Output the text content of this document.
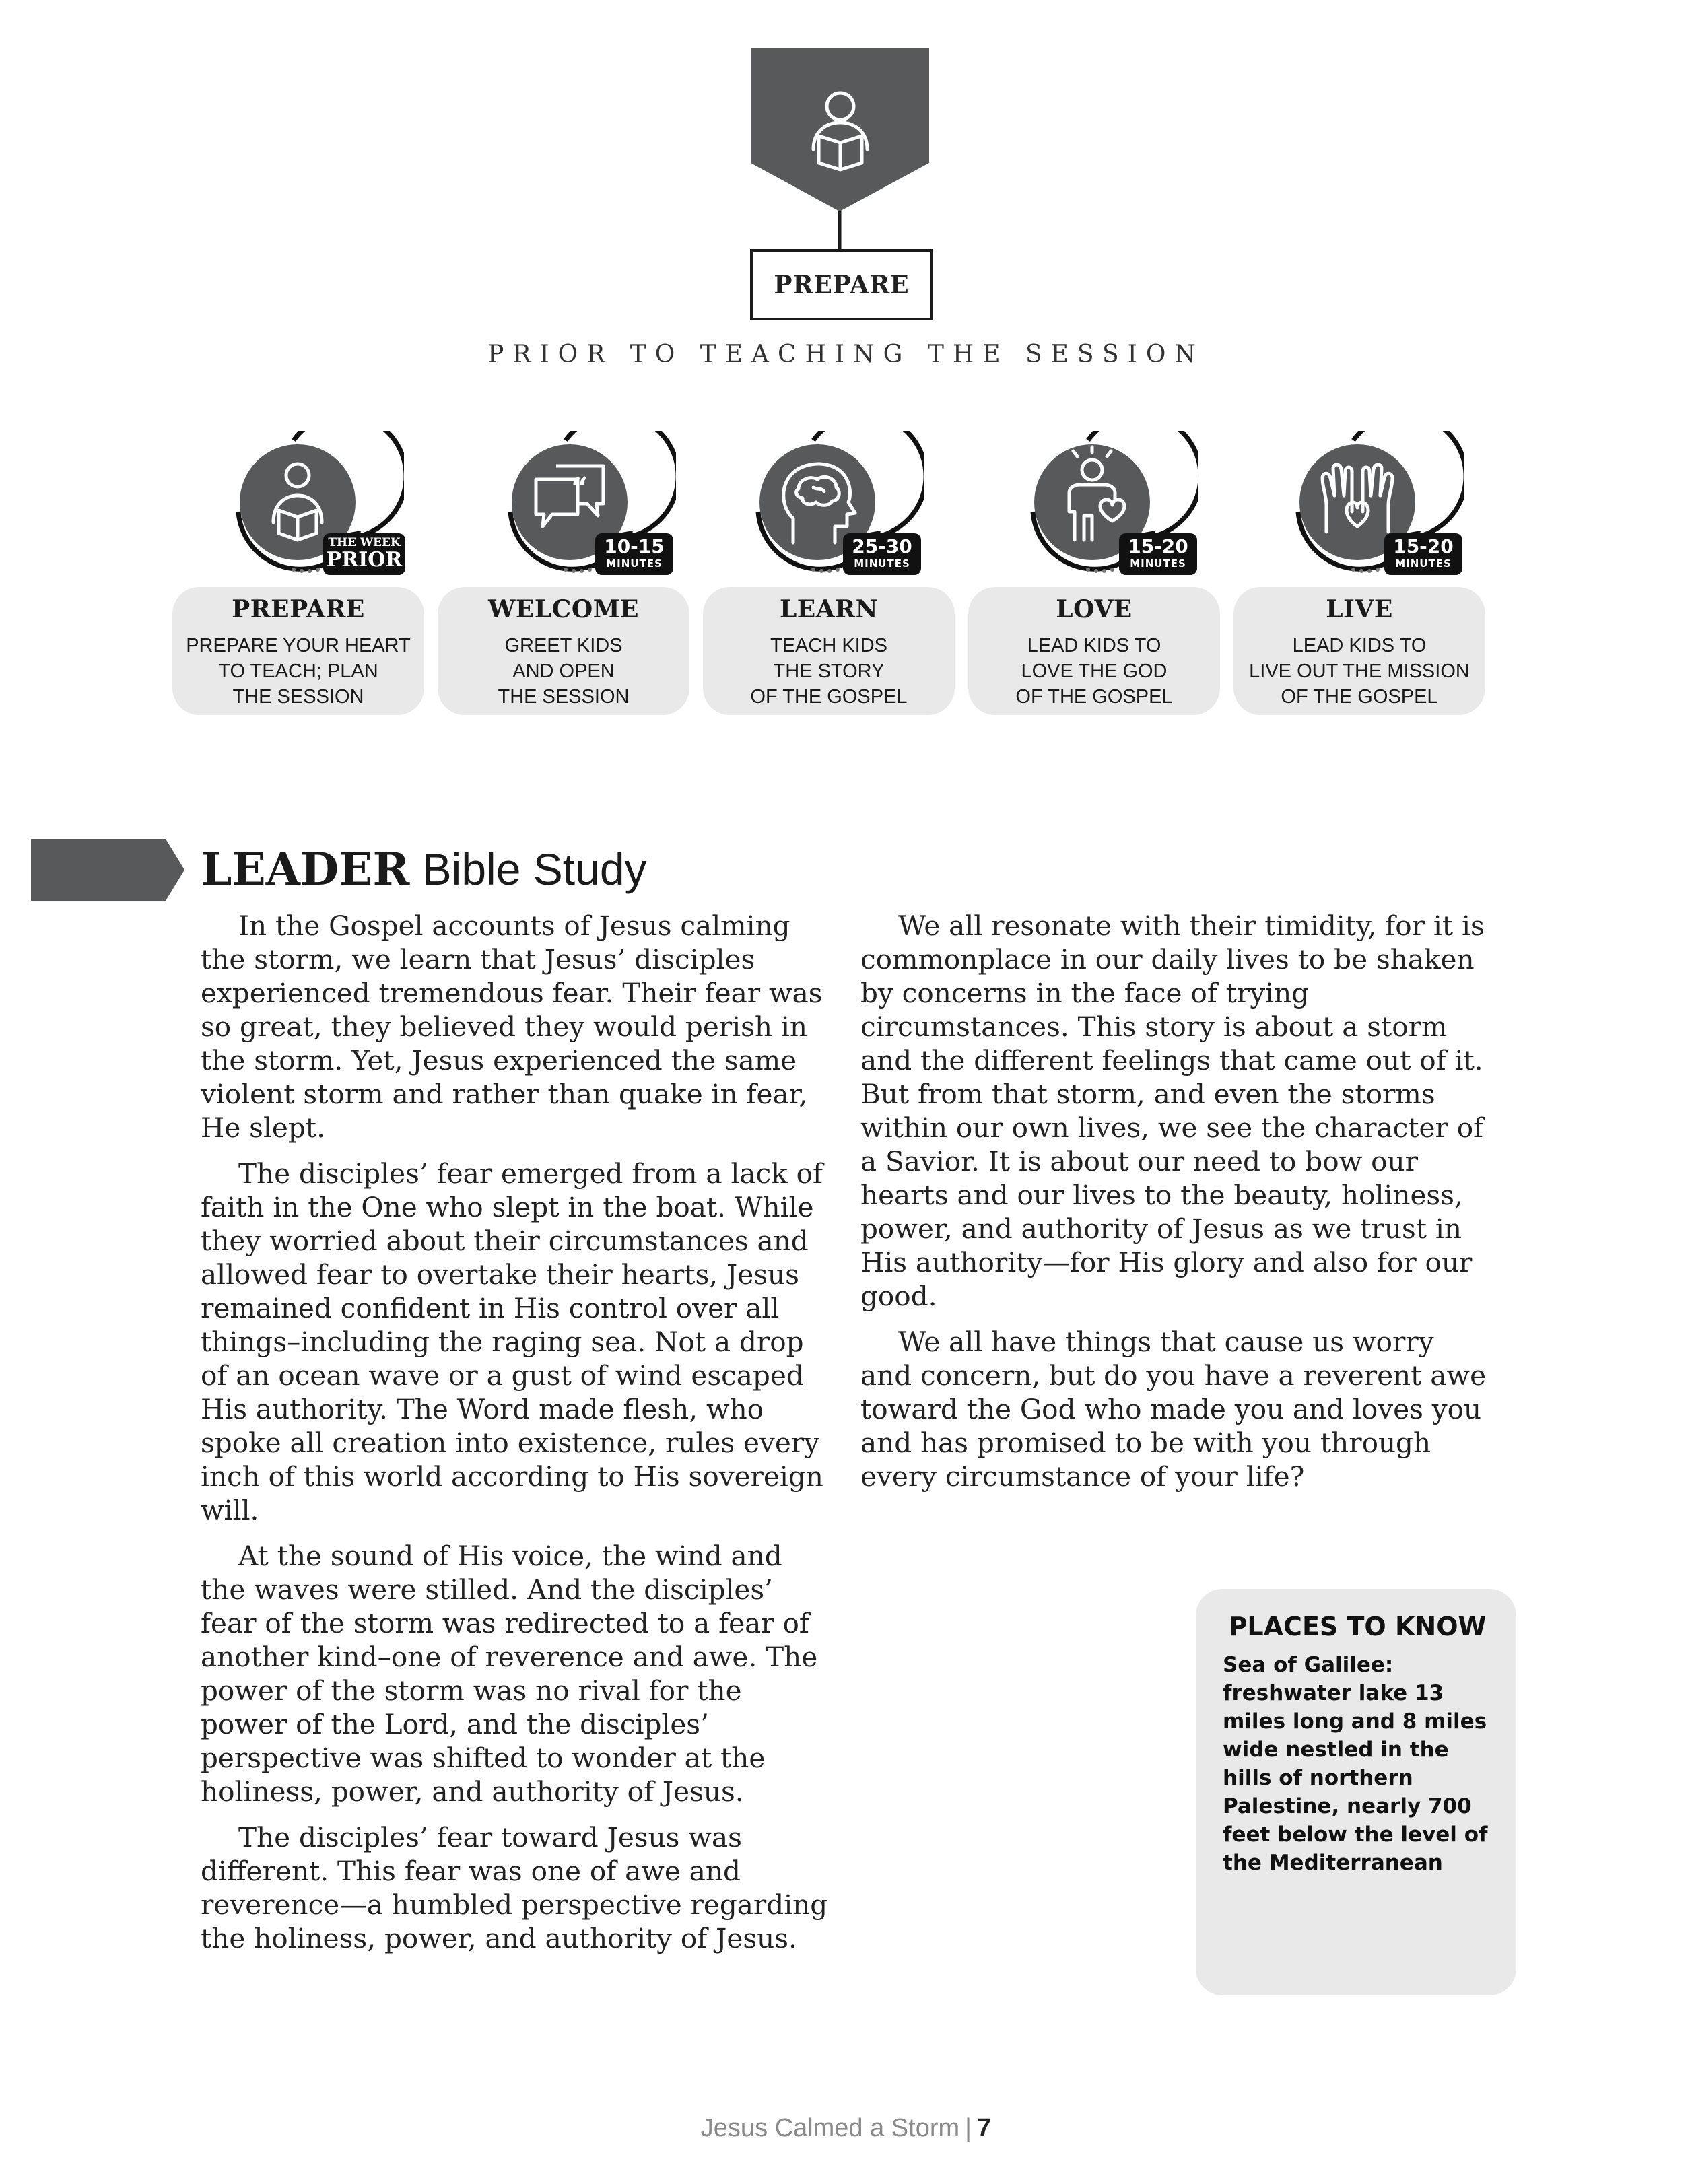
PREPARE
PRIOR TO TEACHING THE SESSION
THE WEEK
PRIOR
PREPARE
PREPARE YOUR HEART
TO TEACH; PLAN
THE SESSION
“
10-15
MINUTES
WELCOME
GREET KIDS
AND OPEN
THE SESSION
25-30
MINUTES
LEARN
TEACH KIDS
THE STORY
OF THE GOSPEL
15-20
MINUTES
LOVE
LEAD KIDS TO
LOVE THE GOD
OF THE GOSPEL
15-20
MINUTES
LIVE
LEAD KIDS TO
LIVE OUT THE MISSION
OF THE GOSPEL
LEADER Bible Study

In the Gospel accounts of Jesus calming the storm, we learn that Jesus’ disciples experienced tremendous fear. Their fear was so great, they believed they would perish in the storm. Yet, Jesus experienced the same violent storm and rather than quake in fear, He slept.

The disciples’ fear emerged from a lack of faith in the One who slept in the boat. While they worried about their circumstances and allowed fear to overtake their hearts, Jesus remained confident in His control over all things–including the raging sea. Not a drop of an ocean wave or a gust of wind escaped His authority. The Word made flesh, who spoke all creation into existence, rules every inch of this world according to His sovereign will.

At the sound of His voice, the wind and the waves were stilled. And the disciples’ fear of the storm was redirected to a fear of another kind–one of reverence and awe. The power of the storm was no rival for the power of the Lord, and the disciples’ perspective was shifted to wonder at the holiness, power, and authority of Jesus.

The disciples’ fear toward Jesus was different. This fear was one of awe and reverence—a humbled perspective regarding the holiness, power, and authority of Jesus.

We all resonate with their timidity, for it is commonplace in our daily lives to be shaken by concerns in the face of trying circumstances. This story is about a storm and the different feelings that came out of it. But from that storm, and even the storms within our own lives, we see the character of a Savior. It is about our need to bow our hearts and our lives to the beauty, holiness, power, and authority of Jesus as we trust in His authority—for His glory and also for our good.

We all have things that cause us worry and concern, but do you have a reverent awe toward the God who made you and loves you and has promised to be with you through every circumstance of your life?

PLACES TO KNOW
Sea of Galilee: freshwater lake 13 miles long and 8 miles wide nestled in the hills of northern Palestine, nearly 700 feet below the level of the Mediterranean
Jesus Calmed a Storm | 7
